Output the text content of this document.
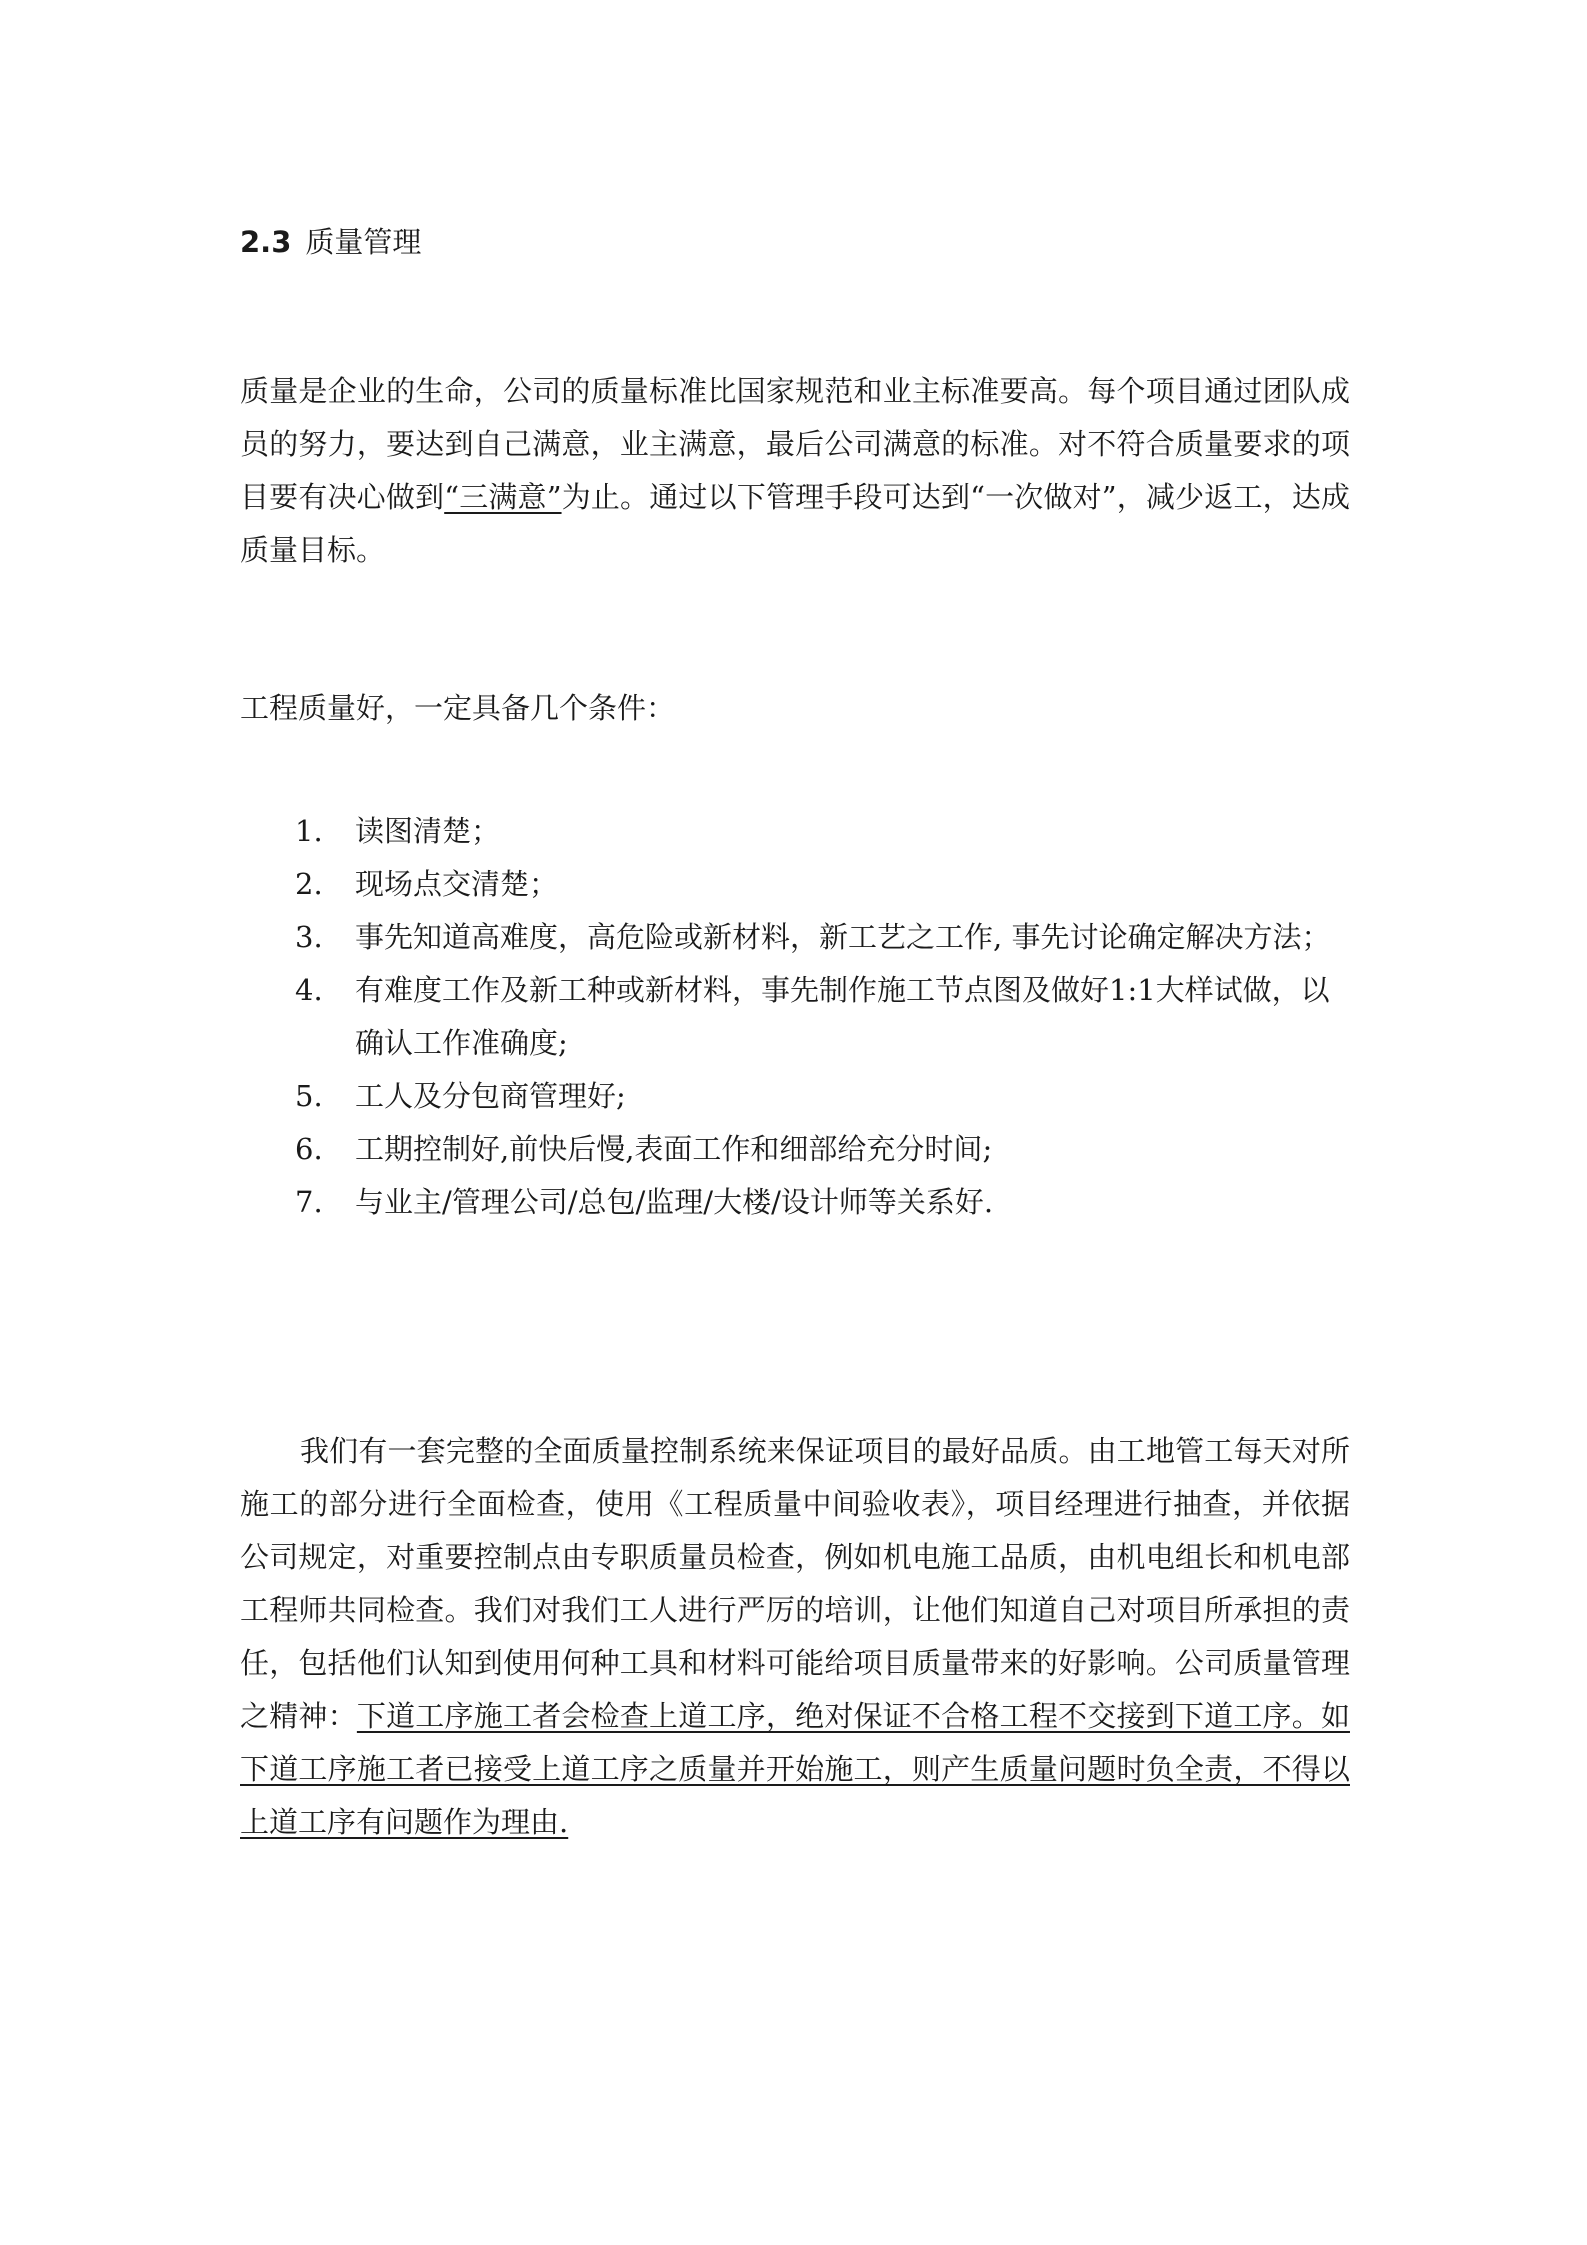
2.3 质量管理

质量是企业的生命，公司的质量标准比国家规范和业主标准要高。每个项目通过团队成员的努力，要达到自己满意，业主满意，最后公司满意的标准。对不符合质量要求的项目要有决心做到“三满意”为止。通过以下管理手段可达到“一次做对”，减少返工，达成质量目标。

工程质量好，一定具备几个条件：

1. 读图清楚；
2. 现场点交清楚；
3. 事先知道高难度，高危险或新材料，新工艺之工作, 事先讨论确定解决方法；
4. 有难度工作及新工种或新材料，事先制作施工节点图及做好1:1大样试做，以确认工作准确度;
5. 工人及分包商管理好;
6. 工期控制好,前快后慢,表面工作和细部给充分时间;
7. 与业主/管理公司/总包/监理/大楼/设计师等关系好.

我们有一套完整的全面质量控制系统来保证项目的最好品质。由工地管工每天对所施工的部分进行全面检查，使用《工程质量中间验收表》，项目经理进行抽查，并依据公司规定，对重要控制点由专职质量员检查，例如机电施工品质，由机电组长和机电部工程师共同检查。我们对我们工人进行严厉的培训，让他们知道自己对项目所承担的责任，包括他们认知到使用何种工具和材料可能给项目质量带来的好影响。公司质量管理之精神：下道工序施工者会检查上道工序，绝对保证不合格工程不交接到下道工序。如下道工序施工者已接受上道工序之质量并开始施工，则产生质量问题时负全责，不得以上道工序有问题作为理由.
